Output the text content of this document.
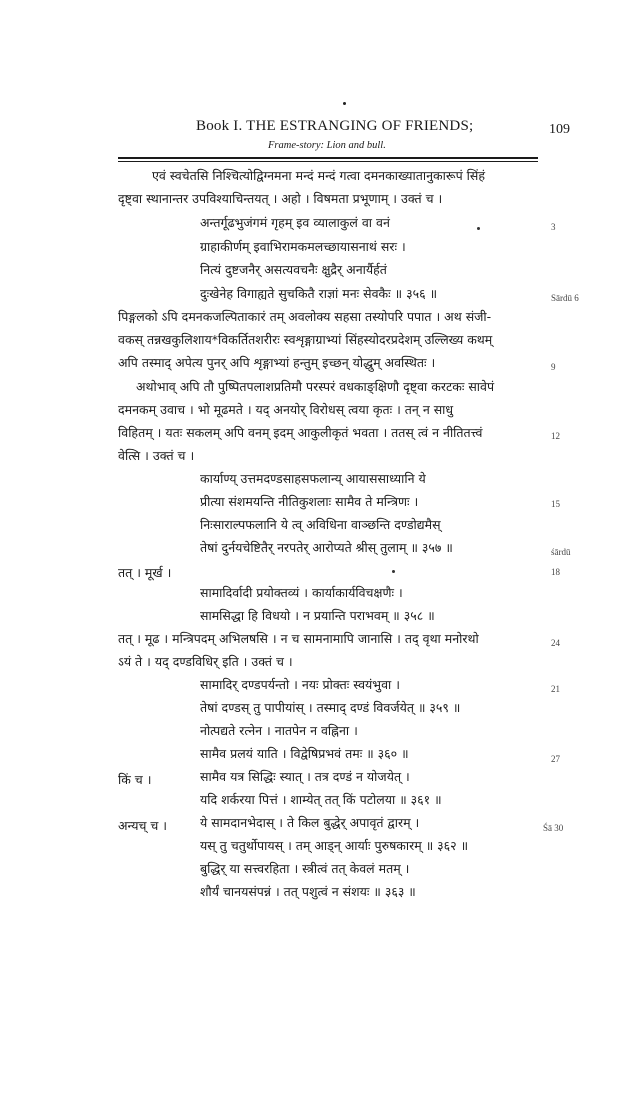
Book I. THE ESTRANGING OF FRIENDS;	109
Frame-story: Lion and bull.
एवं स्वचेतसि निश्चित्योद्विग्नमना मन्दं मन्दं गत्वा दमनकाख्यातानुकारूपं सिंहं
दृष्ट्वा स्थानान्तर उपविश्याचिन्तयत् । अहो । विषमता प्रभूणाम् । उक्तं च ।
अन्तर्गूढभुजंगमं गृहम् इव व्यालाकुलं वा वनं
ग्राहाकीर्णम् इवाभिरामकमलच्छायासनाथं सरः ।
नित्यं दुष्टजनैर् असत्यवचनैः क्षुद्रैर् अनार्यैर्हतं
दुःखेनेह विगाह्यते सुचकितै राज्ञां मनः सेवकैः ॥ ३५६ ॥
पिङ्गलको ऽपि दमनकजल्पिताकारं तम् अवलोक्य सहसा तस्योपरि पपात । अथ संजी-
वकस् तन्नखकुलिशाय*विकर्तितशरीरः स्वशृङ्गाग्राभ्यां सिंहस्योदरप्रदेशम् उल्लिख्य कथम्
अपि तस्माद् अपेत्य पुनर् अपि शृङ्गाभ्यां हन्तुम् इच्छन् योद्धुम् अवस्थितः ।
अथोभाव् अपि तौ पुष्पितपलाशप्रतिमौ परस्परं वधकाङ्क्षिणौ दृष्ट्वा करटकः सावेपं
दमनकम् उवाच । भो मूढमते । यद् अनयोर् विरोधस् त्वया कृतः । तन् न साधु
विहितम् । यतः सकलम् अपि वनम् इदम् आकुलीकृतं भवता । ततस् त्वं न नीतितत्त्वं
वेत्सि । उक्तं च ।
कार्याण्य् उत्तमदण्डसाहसफलान्य् आयाससाध्यानि ये
प्रीत्या संशमयन्ति नीतिकुशलाः सामैव ते मन्त्रिणः ।
निःसाराल्पफलानि ये त्व् अविधिना वाञ्छन्ति दण्डोद्यमैस्
तेषां दुर्नयचेष्टितैर् नरपतेर् आरोप्यते श्रीस् तुलाम् ॥ ३५७ ॥
तत् । मूर्ख ।
सामादिर्वादी प्रयोक्तव्यं । कार्याकार्यविचक्षणैः ।
सामसिद्धा हि विधयो । न प्रयान्ति पराभवम् ॥ ३५८ ॥
तत् । मूढ । मन्त्रिपदम् अभिलषसि । न च सामनामापि जानासि । तद् वृथा मनोरथो
ऽयं ते । यद् दण्डविधिर् इति । उक्तं च ।
सामादिर् दण्डपर्यन्तो । नयः प्रोक्तः स्वयंभुवा ।
तेषां दण्डस् तु पापीयांस् । तस्माद् दण्डं विवर्जयेत् ॥ ३५९ ॥
नोत्पद्यते रत्नेन । नातपेन न वह्निना ।
सामैव प्रलयं याति । विद्वेषिप्रभवं तमः ॥ ३६० ॥
किं च ।	सामैव यत्र सिद्धिः स्यात् । तत्र दण्डं न योजयेत् ।
यदि शर्करया पित्तं । शाम्येत् तत् किं पटोलया ॥ ३६१ ॥
अन्यच् च ।	ये सामदानभेदास् । ते किल बुद्धेर् अपावृतं द्वारम् ।
यस् तु चतुर्थोपायस् । तम् आड्न् आर्याः पुरुषकारम् ॥ ३६२ ॥
बुद्धिर् या सत्त्वरहिता । स्त्रीत्वं तत् केवलं मतम् ।
शौर्यं चानयसंपन्नं । तत् पशुत्वं न संशयः ॥ ३६३ ॥
3
Sārdū 6
9
12
15
śārdū
18
21
24
27
Śā 30
